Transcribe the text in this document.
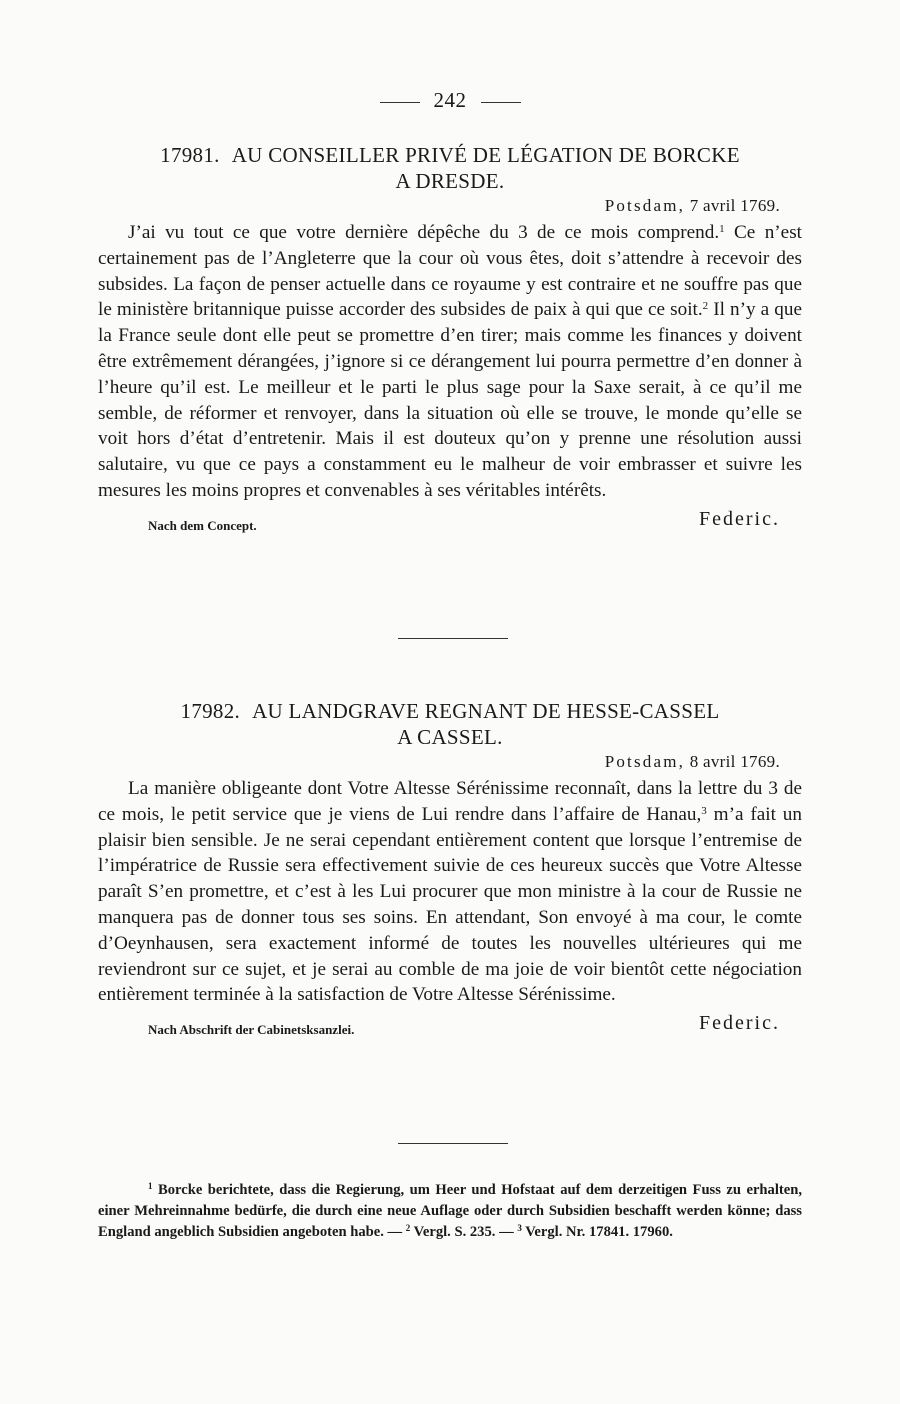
242
17981. AU CONSEILLER PRIVÉ DE LÉGATION DE BORCKE
A DRESDE.
Potsdam, 7 avril 1769.

J’ai vu tout ce que votre dernière dépêche du 3 de ce mois comprend.$^1$ Ce n’est certainement pas de l’Angleterre que la cour où vous êtes, doit s’attendre à recevoir des subsides. La façon de penser actuelle dans ce royaume y est contraire et ne souffre pas que le ministère britannique puisse accorder des subsides de paix à qui que ce soit.$^2$ Il n’y a que la France seule dont elle peut se promettre d’en tirer; mais comme les finances y doivent être extrêmement dérangées, j’ignore si ce dérangement lui pourra permettre d’en donner à l’heure qu’il est. Le meilleur et le parti le plus sage pour la Saxe serait, à ce qu’il me semble, de réformer et renvoyer, dans la situation où elle se trouve, le monde qu’elle se voit hors d’état d’entretenir. Mais il est douteux qu’on y prenne une résolution aussi salutaire, vu que ce pays a constamment eu le malheur de voir embrasser et suivre les mesures les moins propres et convenables à ses véritables intérêts.

Nach dem Concept.	Federic.
17982. AU LANDGRAVE REGNANT DE HESSE-CASSEL
A CASSEL.
Potsdam, 8 avril 1769.

La manière obligeante dont Votre Altesse Sérénissime reconnaît, dans la lettre du 3 de ce mois, le petit service que je viens de Lui rendre dans l’affaire de Hanau,$^3$ m’a fait un plaisir bien sensible. Je ne serai cependant entièrement content que lorsque l’entremise de l’impératrice de Russie sera effectivement suivie de ces heureux succès que Votre Altesse paraît S’en promettre, et c’est à les Lui procurer que mon ministre à la cour de Russie ne manquera pas de donner tous ses soins. En attendant, Son envoyé à ma cour, le comte d’Oeynhausen, sera exactement informé de toutes les nouvelles ultérieures qui me reviendront sur ce sujet, et je serai au comble de ma joie de voir bientôt cette négociation entièrement terminée à la satisfaction de Votre Altesse Sérénissime.

Nach Abschrift der Cabinetsksanzlei.	Federic.

$^1$ Borcke berichtete, dass die Regierung, um Heer und Hofstaat auf dem derzeitigen Fuss zu erhalten, einer Mehreinnahme bedürfe, die durch eine neue Auflage oder durch Subsidien beschafft werden könne; dass England angeblich Subsidien angeboten habe. — $^2$ Vergl. S. 235. — $^3$ Vergl. Nr. 17841. 17960.
